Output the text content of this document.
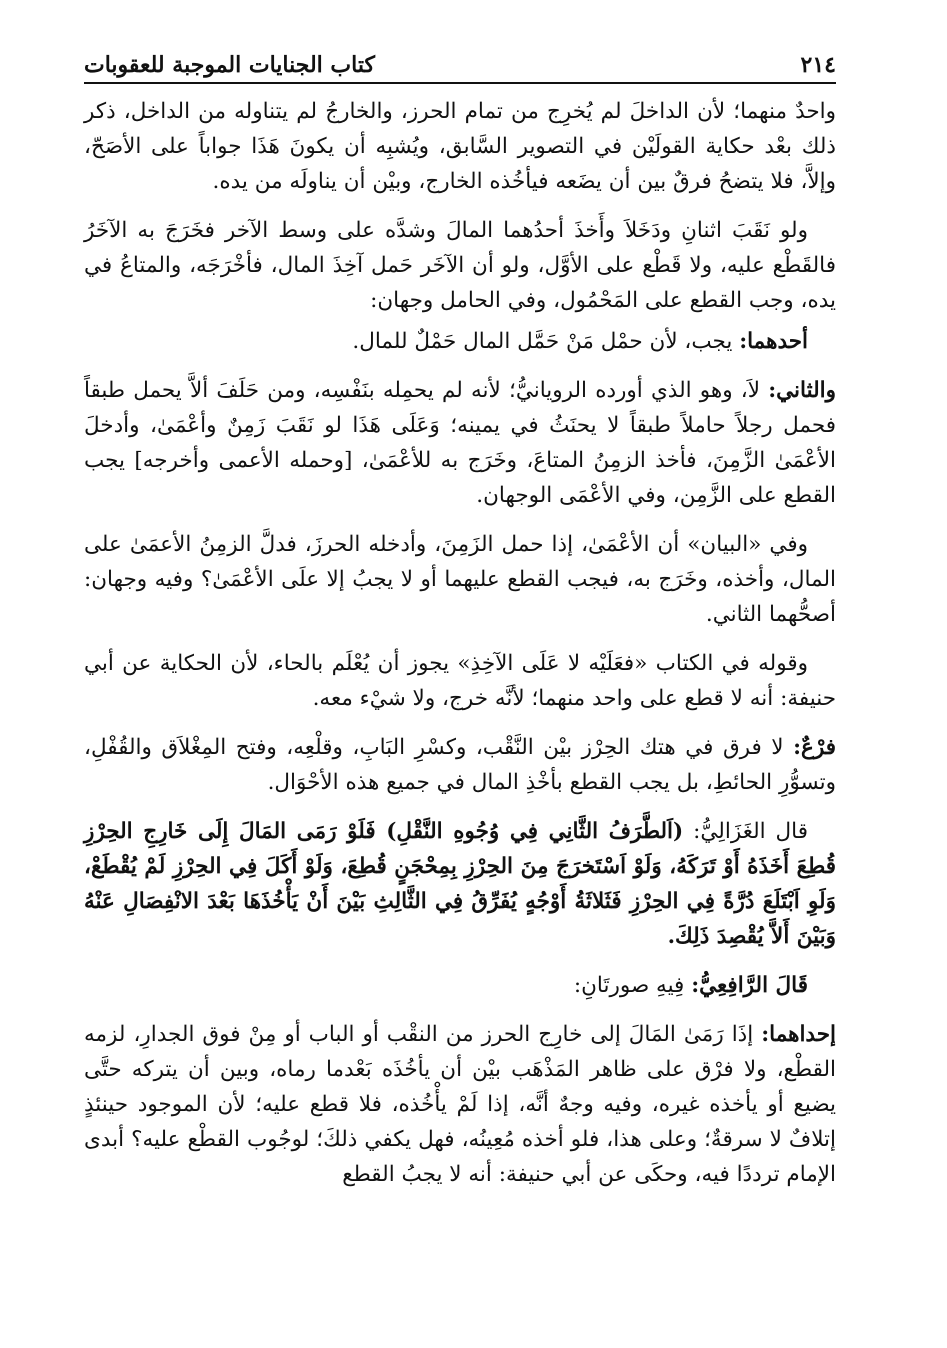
٢١٤
كتاب الجنايات الموجبة للعقوبات

واحدٌ منهما؛ لأن الداخلَ لم يُخرِج من تمام الحرز، والخارجُ لم يتناوله من الداخل، ذكر ذلك بعْد حكاية القولَيْن في التصوير السَّابق، ويُشبِه أن يكونَ هَذَا جواباً على الأصَحّ، وإلاَّ، فلا يتضحُ فرقٌ بين أن يضَعه فيأخُذه الخارج، وبيْن أن يناولَه من يده.

ولو نَقَبَ اثنانِ ودَخَلاَ وأَخذَ أحدُهما المالَ وشدَّه على وسط الآخر فخَرَجَ به الآخَرُ فالقَطْع عليه، ولا قَطْع على الأوَّل، ولو أن الآخَر حَمل آخِذَ المال، فأخْرَجَه، والمتاعُ في يده، وجب القطع على المَحْمُول، وفي الحامل وجهان:

أحدهما: يجب، لأن حمْل مَنْ حَمَّل المال حَمْلٌ للمال.

والثاني: لاَ، وهو الذي أورده الرويانيُّ؛ لأنه لم يحمِله بنَفْسِه، ومن حَلَفَ ألاَّ يحمل طبقاً فحمل رجلاً حاملاً طبقاً لا يحنَثُ في يمينه؛ وَعَلَى هَذَا لو نَقَبَ زَمِنٌ وأعْمَىٰ، وأدخلَ الأعْمَىٰ الزَّمِنَ، فأخذ الزمِنُ المتاعَ، وخَرَج به للأعْمَىٰ، [وحمله الأعمى وأخرجه] يجب القطع على الزَّمِن، وفي الأعْمَى الوجهان.

وفي «البيان» أن الأعْمَىٰ، إذا حمل الزَمِنَ، وأدخله الحرزَ، فدلَّ الزمِنُ الأعمَىٰ على المال، وأخذه، وخَرَج به، فيجب القطع عليهما أو لا يجبُ إلا علَى الأعْمَىٰ؟ وفيه وجهان: أصحُّهما الثاني.

وقوله في الكتاب «فعَلَيْه لا عَلَى الآخِذِ» يجوز أن يُعْلَم بالحاء، لأن الحكاية عن أبي حنيفة: أنه لا قطع على واحد منهما؛ لأنَّه خرج، ولا شيْء معه.

فرْعٌ: لا فرق في هتك الحِرْز بيْن النَّقْب، وكسْرِ البَابِ، وقلْعِه، وفتح المِغْلاَق والقُفْلِ، وتسوُّرِ الحائطِ، بل يجب القطع بأخْذِ المال في جميع هذه الأحْوَال.

قال الغَزَالِيُّ: (اَلطَّرَفُ الثَّانِي فِي وُجُوهِ النَّقْلِ) فَلَوْ رَمَى المَالَ إِلَى خَارِجِ الحِرْزِ قُطِعَ أَخَذَهُ أَوْ تَرَكَهُ، وَلَوْ اَسْتَخرَجَ مِنَ الحِرْزِ بِمِحْجَنٍ قُطِعَ، وَلَوْ أَكَلَ فِي الحِرْزِ لَمْ يُقْطَعْ، وَلَوِ اَبْتَلَعَ دُرَّةً فِي الحِرْزِ فَثَلاثَةُ أَوْجُهٍ يُفَرِّقُ فِي الثَّالِثِ بَيْنَ أَنْ يَأْخُذَهَا بَعْدَ الانْفِصَالِ عَنْهُ وَبَيْنَ أَلاَّ يُقْصِدَ ذَلِكَ.

قَالَ الرَّافِعِيُّ: فِيهِ صورتَانِ:

إحداهما: إذَا رَمَىٰ المَالَ إلى خارِج الحرز من النقْب أو الباب أو مِنْ فوق الجدارِ، لزمه القطْع، ولا فرْق على ظاهر المَذْهَب بيْن أن يأخُذَه بَعْدما رماه، وبين أن يتركه حتَّى يضيع أو يأخذه غيره، وفيه وجهٌ أنَّه، إذا لَمْ يأْخُذه، فلا قطع عليه؛ لأن الموجود حينئذٍ إتلافٌ لا سرقةٌ؛ وعلى هذا، فلو أخذه مُعِينُه، فهل يكفي ذلكَ؛ لوجُوب القطْع عليه؟ أبدى الإمام ترددًا فيه، وحكَى عن أبي حنيفة: أنه لا يجبُ القطع
